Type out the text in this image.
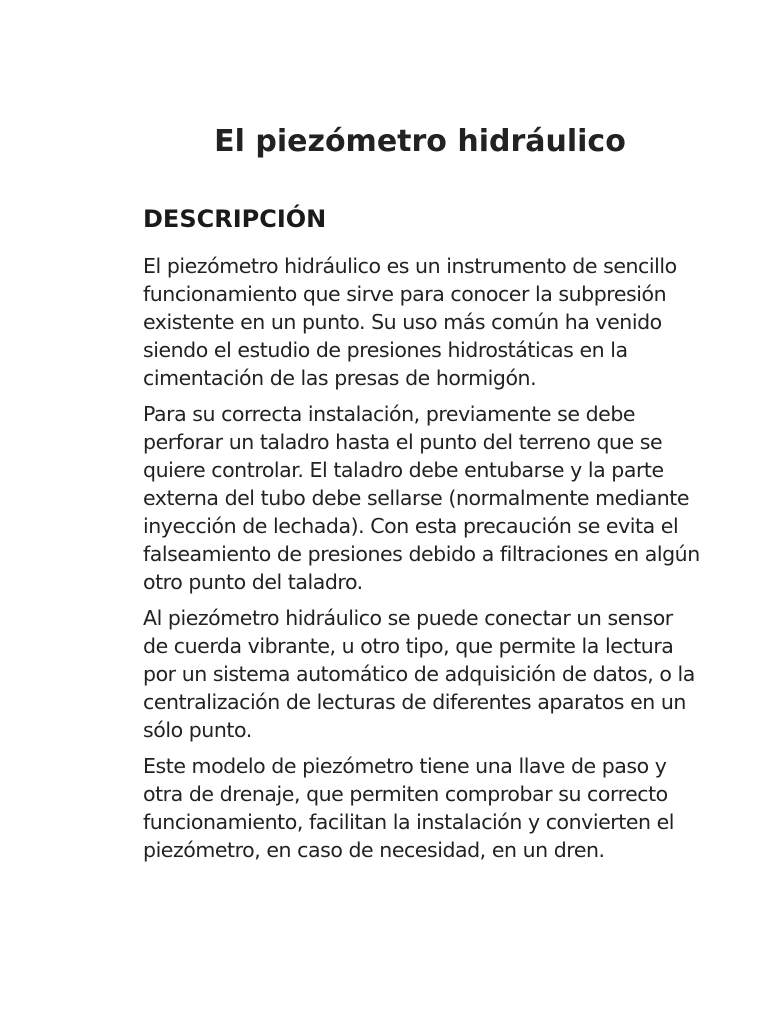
El piezómetro hidráulico
DESCRIPCIÓN

El piezómetro hidráulico es un instrumento de sencillo funcionamiento que sirve para conocer la subpresión existente en un punto. Su uso más común ha venido siendo el estudio de presiones hidrostáticas en la cimentación de las presas de hormigón.

Para su correcta instalación, previamente se debe perforar un taladro hasta el punto del terreno que se quiere controlar. El taladro debe entubarse y la parte externa del tubo debe sellarse (normalmente mediante inyección de lechada). Con esta precaución se evita el falseamiento de presiones debido a filtraciones en algún otro punto del taladro.

Al piezómetro hidráulico se puede conectar un sensor de cuerda vibrante, u otro tipo, que permite la lectura por un sistema automático de adquisición de datos, o la centralización de lecturas de diferentes aparatos en un sólo punto.

Este modelo de piezómetro tiene una llave de paso y otra de drenaje, que permiten comprobar su correcto funcionamiento, facilitan la instalación y convierten el piezómetro, en caso de necesidad, en un dren.
